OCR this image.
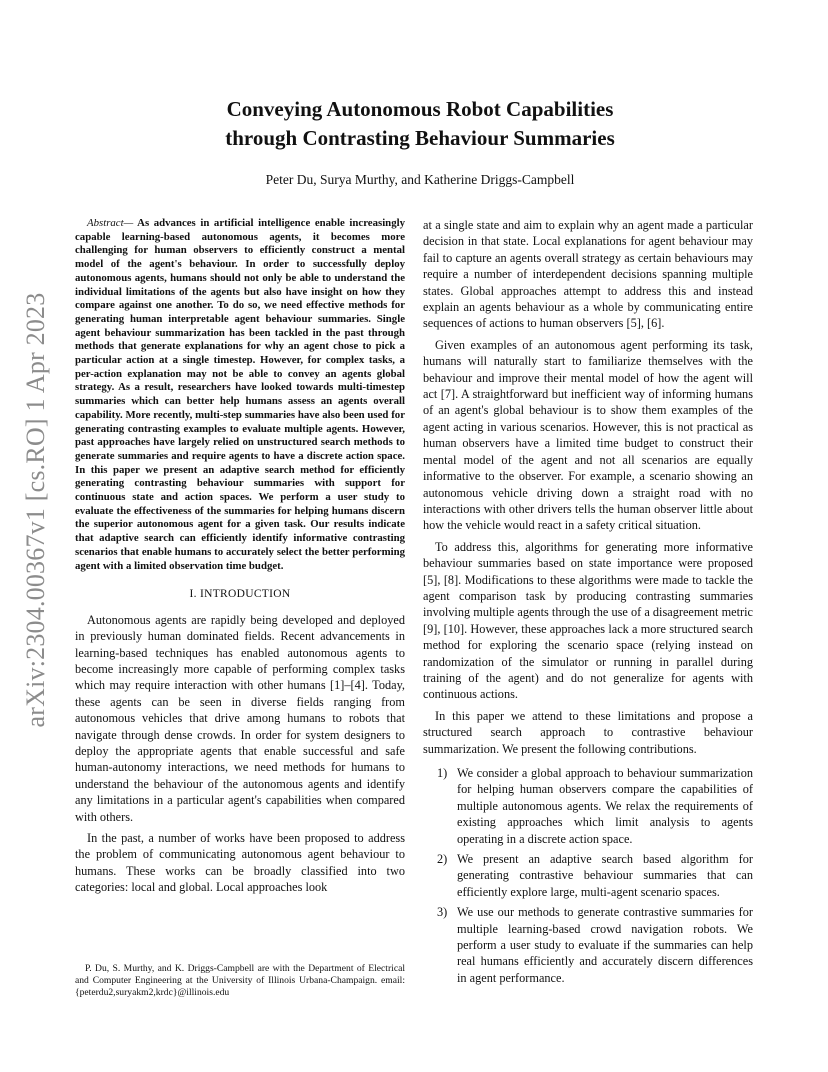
arXiv:2304.00367v1 [cs.RO] 1 Apr 2023
Conveying Autonomous Robot Capabilities
through Contrasting Behaviour Summaries
Peter Du, Surya Murthy, and Katherine Driggs-Campbell

Abstract— As advances in artificial intelligence enable increasingly capable learning-based autonomous agents, it becomes more challenging for human observers to efficiently construct a mental model of the agent's behaviour. In order to successfully deploy autonomous agents, humans should not only be able to understand the individual limitations of the agents but also have insight on how they compare against one another. To do so, we need effective methods for generating human interpretable agent behaviour summaries. Single agent behaviour summarization has been tackled in the past through methods that generate explanations for why an agent chose to pick a particular action at a single timestep. However, for complex tasks, a per-action explanation may not be able to convey an agents global strategy. As a result, researchers have looked towards multi-timestep summaries which can better help humans assess an agents overall capability. More recently, multi-step summaries have also been used for generating contrasting examples to evaluate multiple agents. However, past approaches have largely relied on unstructured search methods to generate summaries and require agents to have a discrete action space. In this paper we present an adaptive search method for efficiently generating contrasting behaviour summaries with support for continuous state and action spaces. We perform a user study to evaluate the effectiveness of the summaries for helping humans discern the superior autonomous agent for a given task. Our results indicate that adaptive search can efficiently identify informative contrasting scenarios that enable humans to accurately select the better performing agent with a limited observation time budget.

I. INTRODUCTION

Autonomous agents are rapidly being developed and deployed in previously human dominated fields. Recent advancements in learning-based techniques has enabled autonomous agents to become increasingly more capable of performing complex tasks which may require interaction with other humans [1]–[4]. Today, these agents can be seen in diverse fields ranging from autonomous vehicles that drive among humans to robots that navigate through dense crowds. In order for system designers to deploy the appropriate agents that enable successful and safe human-autonomy interactions, we need methods for humans to understand the behaviour of the autonomous agents and identify any limitations in a particular agent's capabilities when compared with others.

In the past, a number of works have been proposed to address the problem of communicating autonomous agent behaviour to humans. These works can be broadly classified into two categories: local and global. Local approaches look

P. Du, S. Murthy, and K. Driggs-Campbell are with the Department of Electrical and Computer Engineering at the University of Illinois Urbana-Champaign. email: {peterdu2,suryakm2,krdc}@illinois.edu

at a single state and aim to explain why an agent made a particular decision in that state. Local explanations for agent behaviour may fail to capture an agents overall strategy as certain behaviours may require a number of interdependent decisions spanning multiple states. Global approaches attempt to address this and instead explain an agents behaviour as a whole by communicating entire sequences of actions to human observers [5], [6].

Given examples of an autonomous agent performing its task, humans will naturally start to familiarize themselves with the behaviour and improve their mental model of how the agent will act [7]. A straightforward but inefficient way of informing humans of an agent's global behaviour is to show them examples of the agent acting in various scenarios. However, this is not practical as human observers have a limited time budget to construct their mental model of the agent and not all scenarios are equally informative to the observer. For example, a scenario showing an autonomous vehicle driving down a straight road with no interactions with other drivers tells the human observer little about how the vehicle would react in a safety critical situation.

To address this, algorithms for generating more informative behaviour summaries based on state importance were proposed [5], [8]. Modifications to these algorithms were made to tackle the agent comparison task by producing contrasting summaries involving multiple agents through the use of a disagreement metric [9], [10]. However, these approaches lack a more structured search method for exploring the scenario space (relying instead on randomization of the simulator or running in parallel during training of the agent) and do not generalize for agents with continuous actions.

In this paper we attend to these limitations and propose a structured search approach to contrastive behaviour summarization. We present the following contributions.

1) We consider a global approach to behaviour summarization for helping human observers compare the capabilities of multiple autonomous agents. We relax the requirements of existing approaches which limit analysis to agents operating in a discrete action space.
2) We present an adaptive search based algorithm for generating contrastive behaviour summaries that can efficiently explore large, multi-agent scenario spaces.
3) We use our methods to generate contrastive summaries for multiple learning-based crowd navigation robots. We perform a user study to evaluate if the summaries can help real humans efficiently and accurately discern differences in agent performance.
